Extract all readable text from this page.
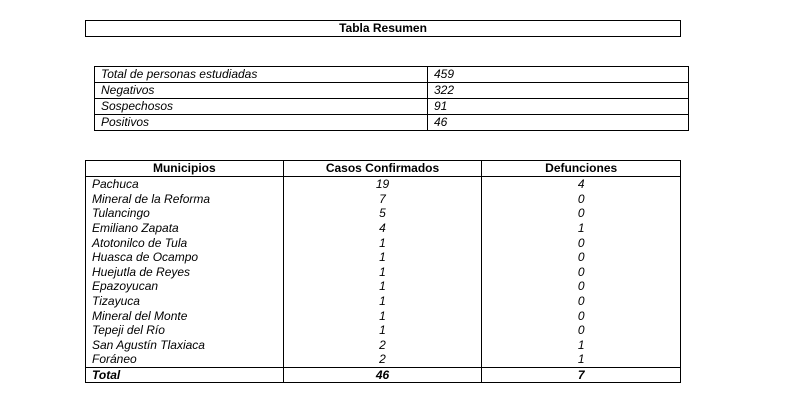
Tabla Resumen
Total de personas estudiadas	459
Negativos	322
Sospechosos	91
Positivos	46
Municipios	Casos Confirmados	Defunciones
Pachuca	19	4
Mineral de la Reforma	7	0
Tulancingo	5	0
Emiliano Zapata	4	1
Atotonilco de Tula	1	0
Huasca de Ocampo	1	0
Huejutla de Reyes	1	0
Epazoyucan	1	0
Tizayuca	1	0
Mineral del Monte	1	0
Tepeji del Río	1	0
San Agustín Tlaxiaca	2	1
Foráneo	2	1
Total	46	7
